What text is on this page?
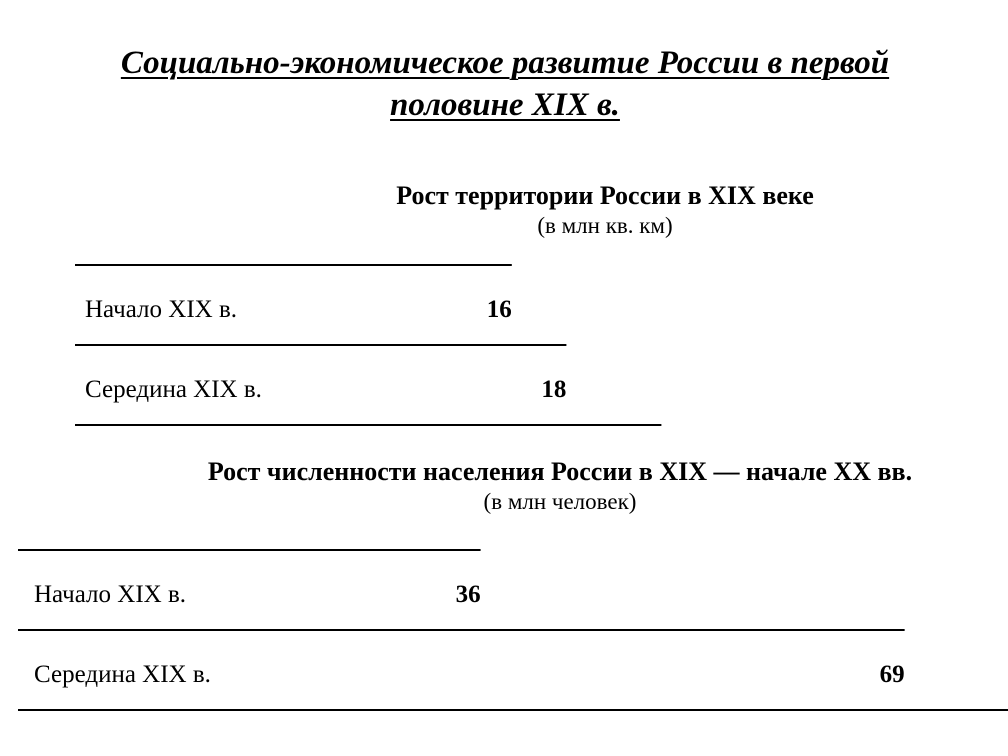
Социально-экономическое развитие России в первой половине XIX в.
Рост территории России в XIX веке
(в млн кв. км)
Начало XIX в.	16
Середина XIX в.	18
Рост численности населения России в XIX — начале XX вв.
(в млн человек)
Начало XIX в.	36
Середина XIX в.	69
